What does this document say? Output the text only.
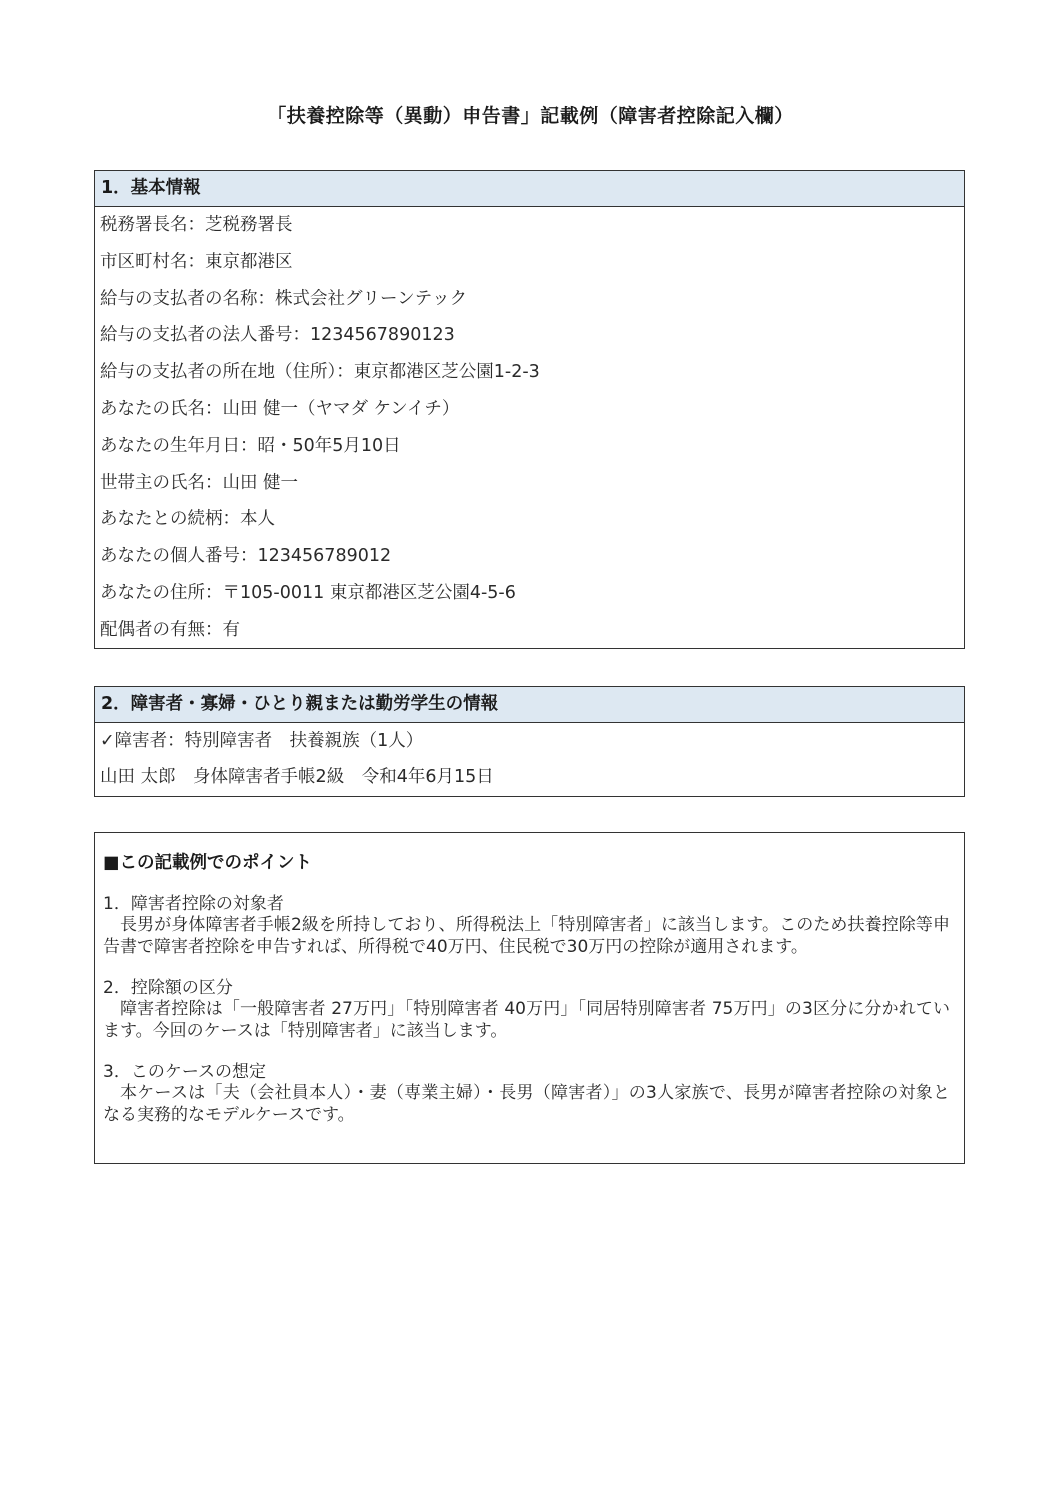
「扶養控除等（異動）申告書」記載例（障害者控除記入欄）
1．基本情報
税務署長名：芝税務署長
市区町村名：東京都港区
給与の支払者の名称：株式会社グリーンテック
給与の支払者の法人番号：1234567890123
給与の支払者の所在地（住所）：東京都港区芝公園1-2-3
あなたの氏名：山田 健一（ヤマダ ケンイチ）
あなたの生年月日：昭・50年5月10日
世帯主の氏名：山田 健一
あなたとの続柄：本人
あなたの個人番号：123456789012
あなたの住所：〒105-0011 東京都港区芝公園4-5-6
配偶者の有無：有
2．障害者・寡婦・ひとり親または勤労学生の情報
✓障害者：特別障害者　扶養親族（1人）
山田 太郎　身体障害者手帳2級　令和4年6月15日
■この記載例でのポイント
1．障害者控除の対象者
長男が身体障害者手帳2級を所持しており、所得税法上「特別障害者」に該当します。このため扶養控除等申告書で障害者控除を申告すれば、所得税で40万円、住民税で30万円の控除が適用されます。
2．控除額の区分
障害者控除は「一般障害者 27万円」「特別障害者 40万円」「同居特別障害者 75万円」の3区分に分かれています。今回のケースは「特別障害者」に該当します。
3．このケースの想定
本ケースは「夫（会社員本人）・妻（専業主婦）・長男（障害者）」の3人家族で、長男が障害者控除の対象となる実務的なモデルケースです。
